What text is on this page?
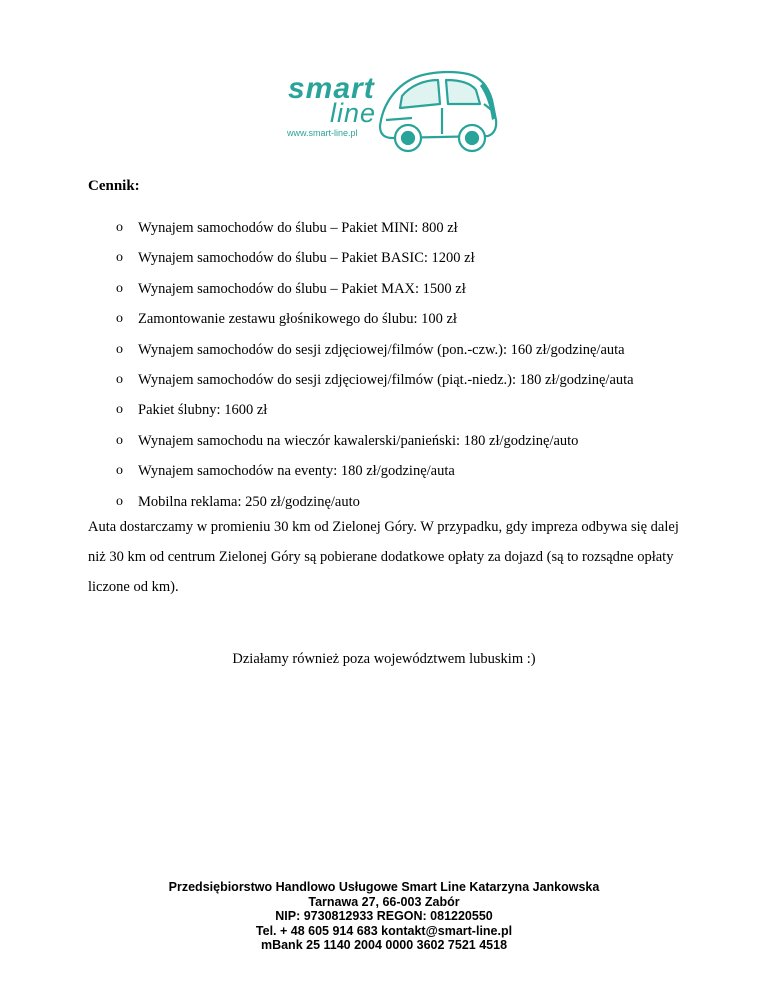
smart
line
www.smart-line.pl
Cennik:
o Wynajem samochodów do ślubu – Pakiet MINI: 800 zł
o Wynajem samochodów do ślubu – Pakiet BASIC: 1200 zł
o Wynajem samochodów do ślubu – Pakiet MAX: 1500 zł
o Zamontowanie zestawu głośnikowego do ślubu: 100 zł
o Wynajem samochodów do sesji zdjęciowej/filmów (pon.-czw.): 160 zł/godzinę/auta
o Wynajem samochodów do sesji zdjęciowej/filmów (piąt.-niedz.): 180 zł/godzinę/auta
o Pakiet ślubny: 1600 zł
o Wynajem samochodu na wieczór kawalerski/panieński: 180 zł/godzinę/auto
o Wynajem samochodów na eventy: 180 zł/godzinę/auta
o Mobilna reklama: 250 zł/godzinę/auto

Auta dostarczamy w promieniu 30 km od Zielonej Góry. W przypadku, gdy impreza odbywa się dalej niż 30 km od centrum Zielonej Góry są pobierane dodatkowe opłaty za dojazd (są to rozsądne opłaty liczone od km).

Działamy również poza województwem lubuskim :)
Przedsiębiorstwo Handlowo Usługowe Smart Line Katarzyna Jankowska
Tarnawa 27, 66-003 Zabór
NIP: 9730812933 REGON: 081220550
Tel. + 48 605 914 683 kontakt@smart-line.pl
mBank 25 1140 2004 0000 3602 7521 4518
